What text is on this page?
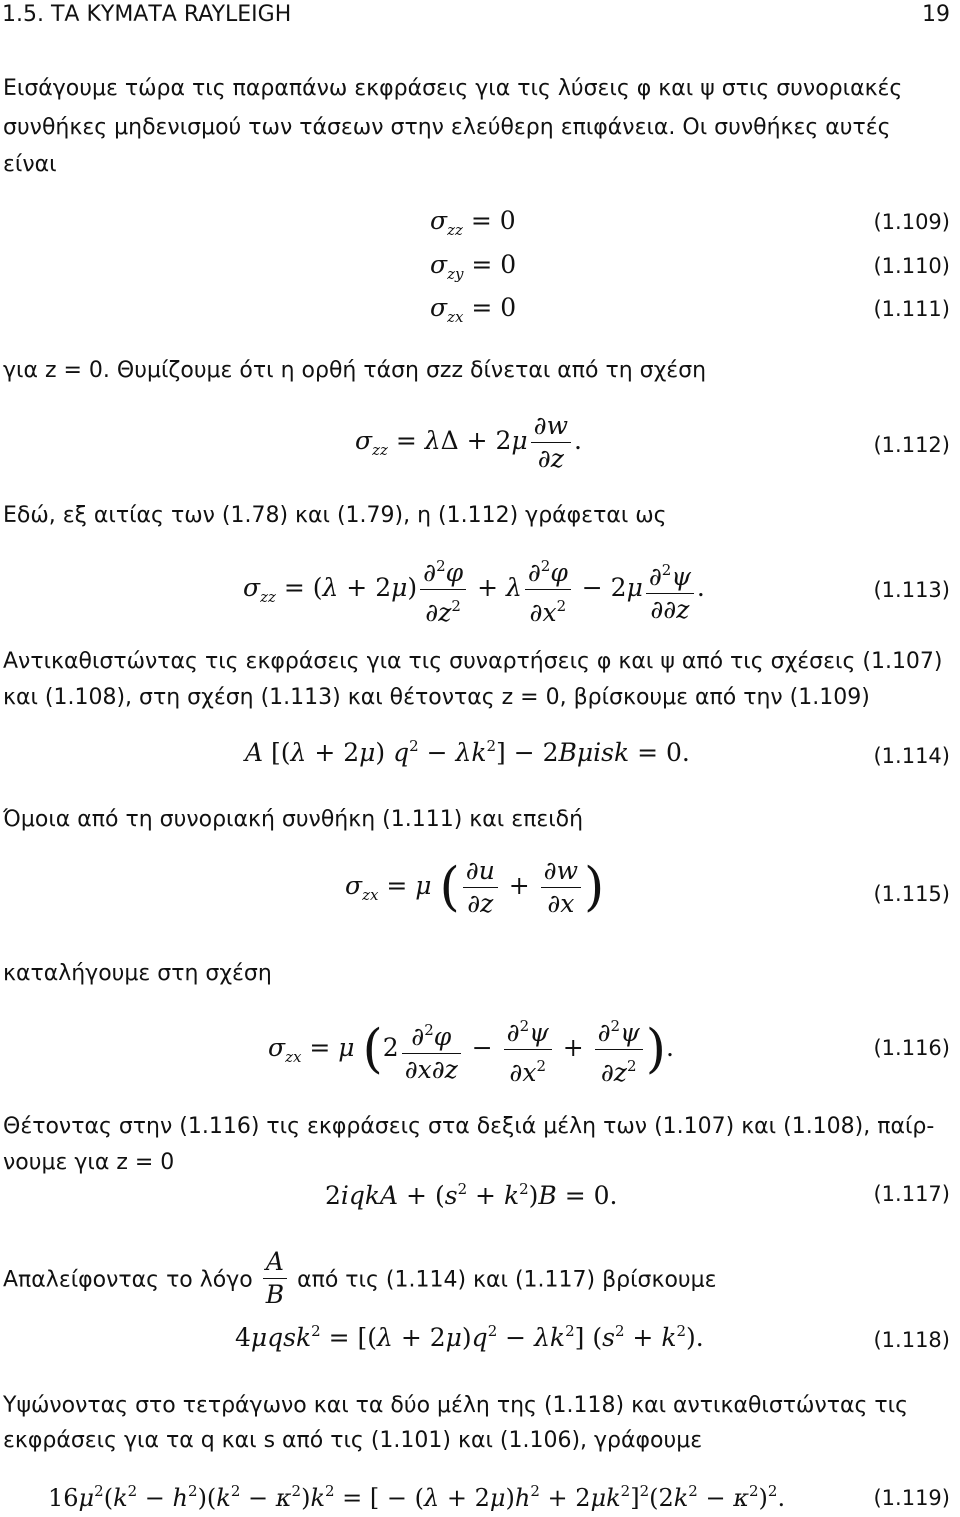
1.5. ΤΑ ΚΥΜΑΤΑ RAYLEIGH	19
Εισάγουμε τώρα τις παραπάνω εκφράσεις για τις λύσεις φ και ψ στις συνοριακές
συνθήκες μηδενισμού των τάσεων στην ελεύθερη επιφάνεια. Οι συνθήκες αυτές
είναι
$\sigma_{zz} = 0$	(1.109)
$\sigma_{zy} = 0$	(1.110)
$\sigma_{zx} = 0$	(1.111)
για z = 0. Θυμίζουμε ότι η ορθή τάση σzz δίνεται από τη σχέση
$\sigma_{zz} = \lambda\Delta + 2\mu \frac{\partial w}{\partial z}$ .	(1.112)
Εδώ, εξ αιτίας των (1.78) και (1.79), η (1.112) γράφεται ως
$\sigma_{zz} = (\lambda + 2\mu) \frac{\partial^2\varphi}{\partial z^2} + \lambda \frac{\partial^2\varphi}{\partial x^2} - 2\mu \frac{\partial^2\psi}{\partial\partial z}$ .	(1.113)
Αντικαθιστώντας τις εκφράσεις για τις συναρτήσεις φ και ψ από τις σχέσεις (1.107)
και (1.108), στη σχέση (1.113) και θέτοντας z = 0, βρίσκουμε από την (1.109)
A [(λ + 2μ) $q^2 - \lambda k^2] - 2B\mu isk = 0$.	(1.114)
Όμοια από τη συνοριακή συνθήκη (1.111) και επειδή
$\sigma_{zx} = \mu$ ( $\frac{\partial u}{\partial z} + \frac{\partial w}{\partial x}$ )	(1.115)
καταλήγουμε στη σχέση
$\sigma_{zx} = \mu$ ($2 \frac{\partial^2\varphi}{\partial x\partial z} - \frac{\partial^2\psi}{\partial x^2} + \frac{\partial^2\psi}{\partial z^2}$ ).	(1.116)
Θέτοντας στην (1.116) τις εκφράσεις στα δεξιά μέλη των (1.107) και (1.108), παίρ-
νουμε για z = 0
2iqkA + $(s^2 + k^2)B = 0$.	(1.117)
Απαλείφοντας το λόγο $\frac{A}{B}$ από τις (1.114) και (1.117) βρίσκουμε
$4\mu qsk^2 = [(\lambda + 2\mu)q^2 - \lambda k^2]$ $(s^2 + k^2)$.	(1.118)
Υψώνοντας στο τετράγωνο και τα δύο μέλη της (1.118) και αντικαθιστώντας τις
εκφράσεις για τα q και s από τις (1.101) και (1.106), γράφουμε
$16\mu^2(k^2 - h^2)(k^2 - \kappa^2)k^2$ = [ − $(\lambda + 2\mu)h^2 + 2\mu k^2]^2(2k^2 - \kappa^2)^2$.	(1.119)
